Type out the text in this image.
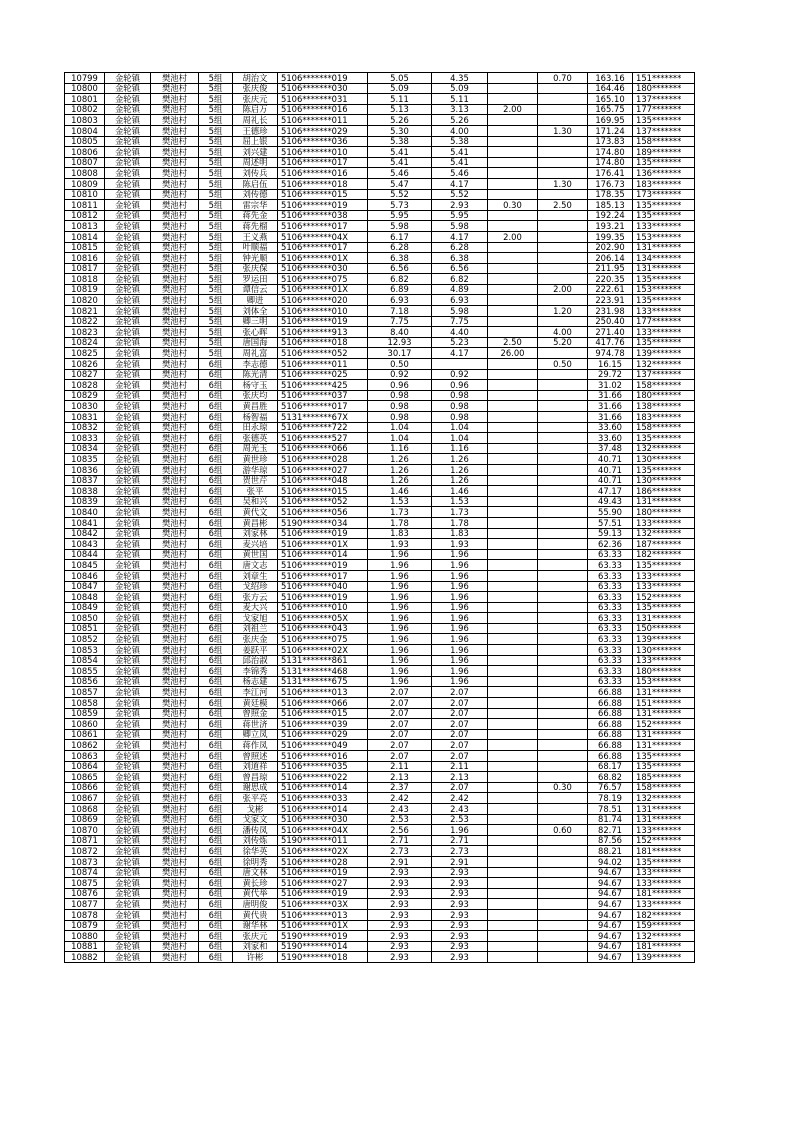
10799	金轮镇	樊池村	5组	胡治文	5106*******019	5.05	4.35		0.70	163.16	151*******
10800	金轮镇	樊池村	5组	张庆俊	5106*******030	5.09	5.09			164.46	180*******
10801	金轮镇	樊池村	5组	张庆元	5106*******031	5.11	5.11			165.10	137*******
10802	金轮镇	樊池村	5组	陈启万	5106*******016	5.13	3.13	2.00		165.75	177*******
10803	金轮镇	樊池村	5组	周礼长	5106*******011	5.26	5.26			169.95	135*******
10804	金轮镇	樊池村	5组	王德珍	5106*******029	5.30	4.00		1.30	171.24	137*******
10805	金轮镇	樊池村	5组	屈上银	5106*******036	5.38	5.38			173.83	158*******
10806	金轮镇	樊池村	5组	刘兴建	5106*******010	5.41	5.41			174.80	189*******
10807	金轮镇	樊池村	5组	周述明	5106*******017	5.41	5.41			174.80	135*******
10808	金轮镇	樊池村	5组	刘传兵	5106*******016	5.46	5.46			176.41	136*******
10809	金轮镇	樊池村	5组	陈启伍	5106*******018	5.47	4.17		1.30	176.73	183*******
10810	金轮镇	樊池村	5组	刘传德	5106*******015	5.52	5.52			178.35	173*******
10811	金轮镇	樊池村	5组	雷宗华	5106*******019	5.73	2.93	0.30	2.50	185.13	135*******
10812	金轮镇	樊池村	5组	蒋先金	5106*******038	5.95	5.95			192.24	135*******
10813	金轮镇	樊池村	5组	蒋先榴	5106*******017	5.98	5.98			193.21	133*******
10814	金轮镇	樊池村	5组	王义燕	5106*******04X	6.17	4.17	2.00		199.35	153*******
10815	金轮镇	樊池村	5组	叶顺福	5106*******017	6.28	6.28			202.90	131*******
10816	金轮镇	樊池村	5组	钟光顺	5106*******01X	6.38	6.38			206.14	134*******
10817	金轮镇	樊池村	5组	张庆保	5106*******030	6.56	6.56			211.95	131*******
10818	金轮镇	樊池村	5组	罗运田	5106*******075	6.82	6.82			220.35	135*******
10819	金轮镇	樊池村	5组	谭信云	5106*******01X	6.89	4.89		2.00	222.61	153*******
10820	金轮镇	樊池村	5组	卿进	5106*******020	6.93	6.93			223.91	135*******
10821	金轮镇	樊池村	5组	刘体全	5106*******010	7.18	5.98		1.20	231.98	133*******
10822	金轮镇	樊池村	5组	卿三明	5106*******019	7.75	7.75			250.40	177*******
10823	金轮镇	樊池村	5组	张心晖	5106*******913	8.40	4.40		4.00	271.40	133*******
10824	金轮镇	樊池村	5组	唐国海	5106*******018	12.93	5.23	2.50	5.20	417.76	135*******
10825	金轮镇	樊池村	5组	周礼富	5106*******052	30.17	4.17	26.00		974.78	139*******
10826	金轮镇	樊池村	6组	李志德	5106*******011	0.50			0.50	16.15	132*******
10827	金轮镇	樊池村	6组	陈光清	5106*******025	0.92	0.92			29.72	137*******
10828	金轮镇	樊池村	6组	杨守玉	5106*******425	0.96	0.96			31.02	158*******
10829	金轮镇	樊池村	6组	张庆均	5106*******037	0.98	0.98			31.66	180*******
10830	金轮镇	樊池村	6组	黄昌胜	5106*******017	0.98	0.98			31.66	138*******
10831	金轮镇	樊池村	6组	杨智福	5131*******67X	0.98	0.98			31.66	183*******
10832	金轮镇	樊池村	6组	田永琼	5106*******722	1.04	1.04			33.60	158*******
10833	金轮镇	樊池村	6组	张德英	5106*******527	1.04	1.04			33.60	135*******
10834	金轮镇	樊池村	6组	周光玉	5106*******066	1.16	1.16			37.48	132*******
10835	金轮镇	樊池村	6组	黄世珍	5106*******028	1.26	1.26			40.71	130*******
10836	金轮镇	樊池村	6组	游华琼	5106*******027	1.26	1.26			40.71	135*******
10837	金轮镇	樊池村	6组	贺世芹	5106*******048	1.26	1.26			40.71	130*******
10838	金轮镇	樊池村	6组	张平	5106*******015	1.46	1.46			47.17	186*******
10839	金轮镇	樊池村	6组	吴和兴	5106*******052	1.53	1.53			49.43	131*******
10840	金轮镇	樊池村	6组	黄代文	5106*******056	1.73	1.73			55.90	180*******
10841	金轮镇	樊池村	6组	黄昌彬	5190*******034	1.78	1.78			57.51	133*******
10842	金轮镇	樊池村	6组	刘家林	5106*******019	1.83	1.83			59.13	132*******
10843	金轮镇	樊池村	6组	麦兴培	5106*******01X	1.93	1.93			62.36	187*******
10844	金轮镇	樊池村	6组	黄世国	5106*******014	1.96	1.96			63.33	182*******
10845	金轮镇	樊池村	6组	唐文志	5106*******019	1.96	1.96			63.33	135*******
10846	金轮镇	樊池村	6组	刘章生	5106*******017	1.96	1.96			63.33	133*******
10847	金轮镇	樊池村	6组	戈绍珍	5106*******040	1.96	1.96			63.33	133*******
10848	金轮镇	樊池村	6组	张方云	5106*******019	1.96	1.96			63.33	152*******
10849	金轮镇	樊池村	6组	麦大兴	5106*******010	1.96	1.96			63.33	135*******
10850	金轮镇	樊池村	6组	戈家旭	5106*******05X	1.96	1.96			63.33	131*******
10851	金轮镇	樊池村	6组	刘祖兰	5106*******043	1.96	1.96			63.33	150*******
10852	金轮镇	樊池村	6组	张庆金	5106*******075	1.96	1.96			63.33	139*******
10853	金轮镇	樊池村	6组	姜跃平	5106*******02X	1.96	1.96			63.33	130*******
10854	金轮镇	樊池村	6组	邱治淑	5131*******861	1.96	1.96			63.33	133*******
10855	金轮镇	樊池村	6组	李锦秀	5131*******468	1.96	1.96			63.33	180*******
10856	金轮镇	樊池村	6组	杨志建	5131*******675	1.96	1.96			63.33	153*******
10857	金轮镇	樊池村	6组	李江河	5106*******013	2.07	2.07			66.88	131*******
10858	金轮镇	樊池村	6组	黄廷模	5106*******066	2.07	2.07			66.88	151*******
10859	金轮镇	樊池村	6组	曾照金	5106*******015	2.07	2.07			66.88	131*******
10860	金轮镇	樊池村	6组	蒋世济	5106*******039	2.07	2.07			66.88	152*******
10861	金轮镇	樊池村	6组	卿立凤	5106*******029	2.07	2.07			66.88	131*******
10862	金轮镇	樊池村	6组	蒋作凤	5106*******049	2.07	2.07			66.88	131*******
10863	金轮镇	樊池村	6组	曾照述	5106*******016	2.07	2.07			66.88	135*******
10864	金轮镇	樊池村	6组	刘道祥	5106*******035	2.11	2.11			68.17	135*******
10865	金轮镇	樊池村	6组	曾昌琼	5106*******022	2.13	2.13			68.82	185*******
10866	金轮镇	樊池村	6组	谢思成	5106*******014	2.37	2.07		0.30	76.57	158*******
10867	金轮镇	樊池村	6组	张平亮	5106*******033	2.42	2.42			78.19	132*******
10868	金轮镇	樊池村	6组	戈彬	5106*******014	2.43	2.43			78.51	131*******
10869	金轮镇	樊池村	6组	戈家文	5106*******030	2.53	2.53			81.74	131*******
10870	金轮镇	樊池村	6组	潘传凤	5106*******04X	2.56	1.96		0.60	82.71	133*******
10871	金轮镇	樊池村	6组	刘传炼	5190*******011	2.71	2.71			87.56	152*******
10872	金轮镇	樊池村	6组	徐华英	5106*******02X	2.73	2.73			88.21	181*******
10873	金轮镇	樊池村	6组	徐明秀	5106*******028	2.91	2.91			94.02	135*******
10874	金轮镇	樊池村	6组	唐文林	5106*******019	2.93	2.93			94.67	133*******
10875	金轮镇	樊池村	6组	黄长珍	5106*******027	2.93	2.93			94.67	133*******
10876	金轮镇	樊池村	6组	黄代举	5106*******019	2.93	2.93			94.67	181*******
10877	金轮镇	樊池村	6组	唐明俊	5106*******03X	2.93	2.93			94.67	133*******
10878	金轮镇	樊池村	6组	黄代贵	5106*******013	2.93	2.93			94.67	182*******
10879	金轮镇	樊池村	6组	谢华林	5106*******01X	2.93	2.93			94.67	159*******
10880	金轮镇	樊池村	6组	张庆元	5190*******019	2.93	2.93			94.67	132*******
10881	金轮镇	樊池村	6组	刘家和	5190*******014	2.93	2.93			94.67	181*******
10882	金轮镇	樊池村	6组	许彬	5190*******018	2.93	2.93			94.67	139*******
